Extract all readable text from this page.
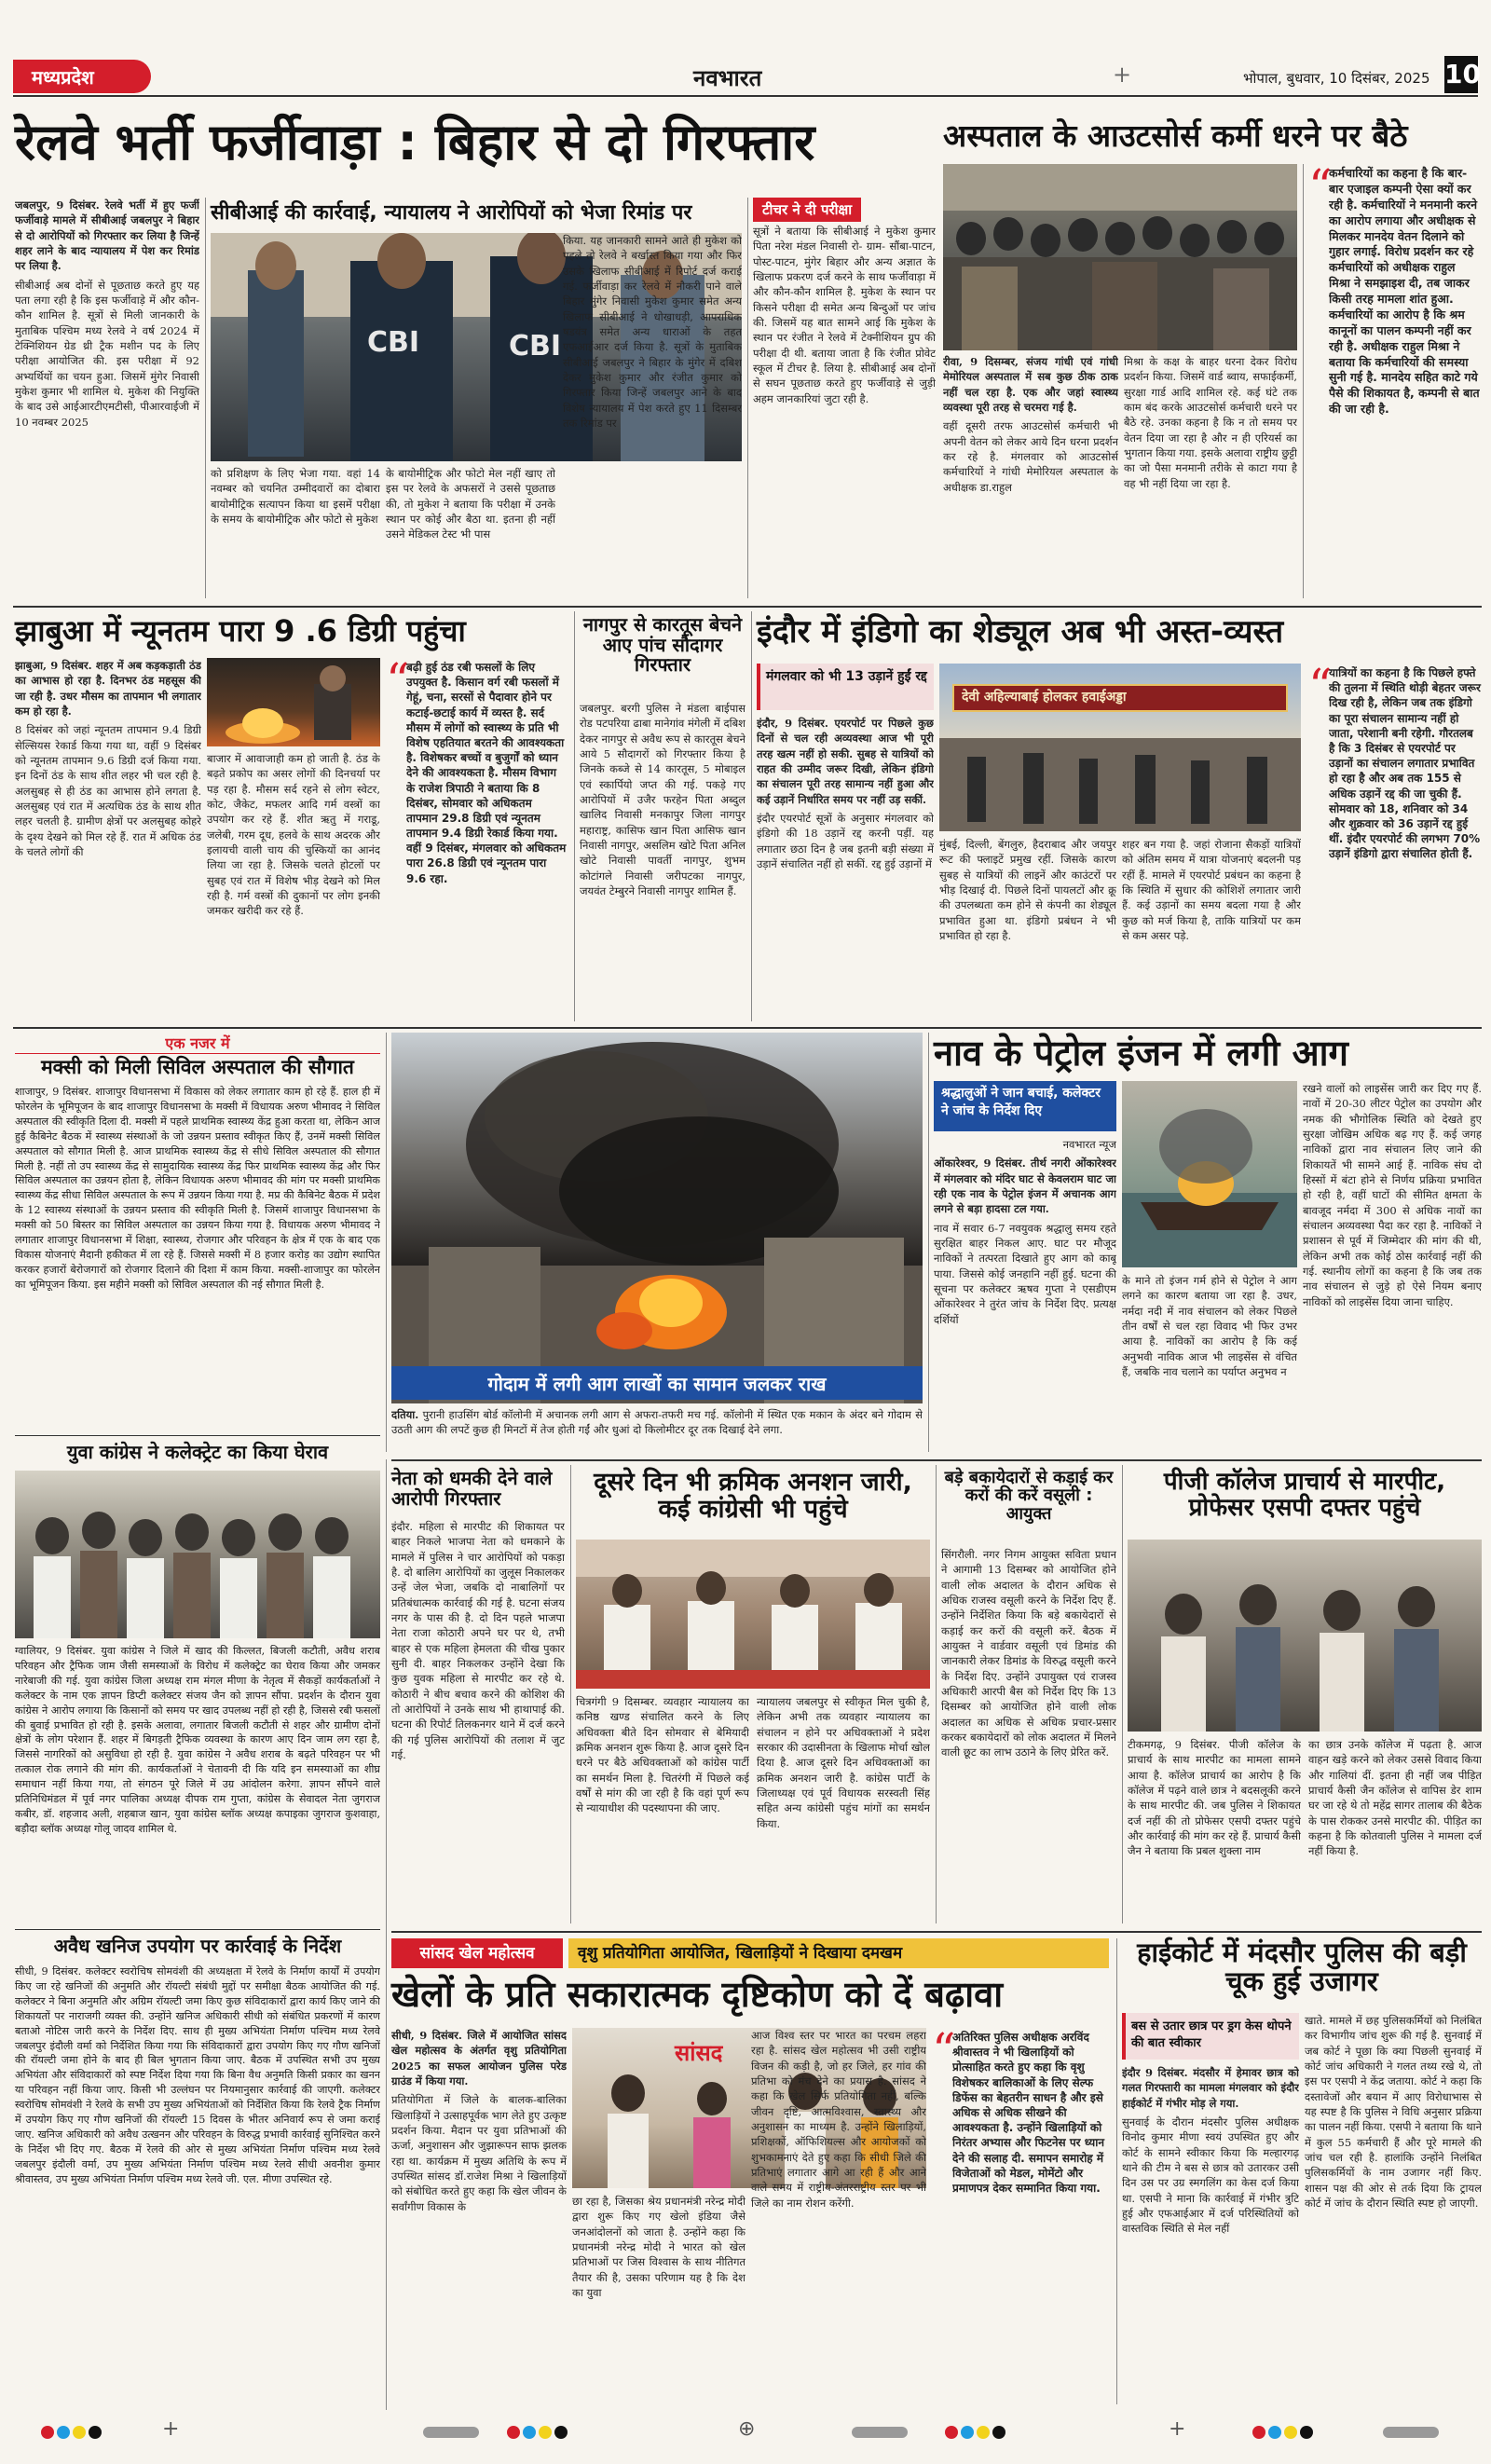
मध्यप्रदेश	नवभारत	+	भोपाल, बुधवार, 10 दिसंबर, 2025 10
रेलवे भर्ती फर्जीवाड़ा : बिहार से दो गिरफ्तार

जबलपुर, 9 दिसंबर. रेलवे भर्ती में हुए फर्जी फर्जीवाड़े मामले में सीबीआई जबलपुर ने बिहार से दो आरोपियों को गिरफ्तार कर लिया है जिन्हें शहर लाने के बाद न्यायालय में पेश कर रिमांड पर लिया है.

सीबीआई अब दोनों से पूछताछ करते हुए यह पता लगा रही है कि इस फर्जीवाड़े में और कौन-कौन शामिल है. सूत्रों से मिली जानकारी के मुताबिक पश्चिम मध्य रेलवे ने वर्ष 2024 में टेक्निशियन ग्रेड थ्री ट्रैक मशीन पद के लिए परीक्षा आयोजित की. इस परीक्षा में 92 अभ्यर्थियों का चयन हुआ. जिसमें मुंगेर निवासी मुकेश कुमार भी शामिल थे. मुकेश की नियुक्ति के बाद उसे आईआरटीएमटीसी, पीआरवाईजी में 10 नवम्बर 2025

सीबीआई की कार्रवाई, न्यायालय ने आरोपियों को भेजा रिमांड पर
CBI	CBI
को प्रशिक्षण के लिए भेजा गया. वहां 14 नवम्बर को चयनित उम्मीदवारों का दोबारा बायोमीट्रिक सत्यापन किया था इसमें परीक्षा के समय के बायोमीट्रिक और फोटो से मुकेश
के बायोमीट्रिक और फोटो मेल नहीं खाए तो इस पर रेलवे के अफसरों ने उससे पूछताछ की, तो मुकेश ने बताया कि परीक्षा में उनके स्थान पर कोई और बैठा था. इतना ही नहीं उसने मेडिकल टेस्ट भी पास

किया. यह जानकारी सामने आते ही मुकेश को पहले तो रेलवे ने बर्खास्त किया गया और फिर उसके खिलाफ सीबीआई में रिपोर्ट दर्ज कराई गई. फर्जीवाड़ा कर रेलवे में नौकरी पाने वाले बिहार मुंगेर निवासी मुकेश कुमार समेत अन्य खिलाफ सीबीआई ने धोखाधड़ी, आपराधिक षडयंत्र समेत अन्य धाराओं के तहत एफआईआर दर्ज किया है. सूत्रों के मुताबिक सीबीआई जबलपुर ने बिहार के मुंगेर में दबिश देकर मुकेश कुमार और रंजीत कुमार को गिरफ्तार किया जिन्हें जबलपुर आने के बाद विशेष न्यायालय में पेश करते हुए 11 दिसम्बर तक रिमांड पर

टीचर ने दी परीक्षा
सूत्रों ने बताया कि सीबीआई ने मुकेश कुमार पिता नरेश मंडल निवासी रो- ग्राम- सौंबा-पाटन, पोस्ट-पाटन, मुंगेर बिहार और अन्य अज्ञात के खिलाफ प्रकरण दर्ज करने के साथ फर्जीवाड़ा में और कौन-कौन शामिल है. मुकेश के स्थान पर किसने परीक्षा दी समेत अन्य बिन्दुओं पर जांच की. जिसमें यह बात सामने आई कि मुकेश के स्थान पर रंजीत ने रेलवे में टेक्नीशियन ग्रुप की परीक्षा दी थी. बताया जाता है कि रंजीत प्रोवेट स्कूल में टीचर है. लिया है. सीबीआई अब दोनों से सघन पूछताछ करते हुए फर्जीवाड़े से जुड़ी अहम जानकारियां जुटा रही है.
अस्पताल के आउटसोर्स कर्मी धरने पर बैठे

रीवा, 9 दिसम्बर, संजय गांधी एवं गांधी मेमोरियल अस्पताल में सब कुछ ठीक ठाक नहीं चल रहा है. एक और जहां स्वास्थ्य व्यवस्था पूरी तरह से चरमरा गई है.

वहीं दूसरी तरफ आउटसोर्स कर्मचारी भी अपनी वेतन को लेकर आये दिन धरना प्रदर्शन कर रहे है. मंगलवार को आउटसोर्स कर्मचारियों ने गांधी मेमोरियल अस्पताल के अधीक्षक डा.राहुल

मिश्रा के कक्ष के बाहर धरना देकर विरोध प्रदर्शन किया. जिसमें वार्ड ब्वाय, सफाईकर्मी, सुरक्षा गार्ड आदि शामिल रहे. कई घंटे तक काम बंद करके आउटसोर्स कर्मचारी धरने पर बैठे रहे. उनका कहना है कि न तो समय पर वेतन दिया जा रहा है और न ही एरियर्स का भुगतान किया गया. इसके अलावा राष्ट्रीय छुट्टी का जो पैसा मनमानी तरीके से काटा गया है वह भी नहीं दिया जा रहा है.
“
कर्मचारियों का कहना है कि बार-बार एजाइल कम्पनी ऐसा क्यों कर रही है. कर्मचारियों ने मनमानी करने का आरोप लगाया और अधीक्षक से मिलकर मानदेय वेतन दिलाने को गुहार लगाई. विरोध प्रदर्शन कर रहे कर्मचारियों को अधीक्षक राहुल मिश्रा ने समझाइश दी, तब जाकर किसी तरह मामला शांत हुआ. कर्मचारियों का आरोप है कि श्रम कानूनों का पालन कम्पनी नहीं कर रही है. अधीक्षक राहुल मिश्रा ने बताया कि कर्मचारियों की समस्या सुनी गई है. मानदेय सहित काटे गये पैसे की शिकायत है, कम्पनी से बात की जा रही है.
झाबुआ में न्यूनतम पारा 9 .6 डिग्री पहुंचा

झाबुआ, 9 दिसंबर. शहर में अब कड़कड़ाती ठंड का आभास हो रहा है. दिनभर ठंड महसूस की जा रही है. उधर मौसम का तापमान भी लगातार कम हो रहा है.

8 दिसंबर को जहां न्यूनतम तापमान 9.4 डिग्री सेल्सियस रेकार्ड किया गया था, वहीं 9 दिसंबर को न्यूनतम तापमान 9.6 डिग्री दर्ज किया गया. इन दिनों ठंड के साथ शीत लहर भी चल रही है. अलसुबह से ही ठंड का आभास होने लगता है. अलसुबह एवं रात में अत्यधिक ठंड के साथ शीत लहर चलती है. ग्रामीण क्षेत्रों पर अलसुबह कोहरे के दृश्य देखने को मिल रहे हैं. रात में अधिक ठंड के चलते लोगों की

बाजार में आवाजाही कम हो जाती है. ठंड के बढ़ते प्रकोप का असर लोगों की दिनचर्या पर पड़ रहा है. मौसम सर्द रहने से लोग स्वेटर, कोट, जैकेट, मफलर आदि गर्म वस्त्रों का उपयोग कर रहे हैं. शीत ऋतु में गराडू, जलेबी, गरम दूध, हलवे के साथ अदरक और इलायची वाली चाय की चुस्कियों का आनंद लिया जा रहा है. जिसके चलते होटलों पर सुबह एवं रात में विशेष भीड़ देखने को मिल रही है. गर्म वस्त्रों की दुकानों पर लोग इनकी जमकर खरीदी कर रहे हैं.
“
बढ़ी हुई ठंड रबी फसलों के लिए उपयुक्त है. किसान वर्ग रबी फसलों में गेहूं, चना, सरसों से पैदावार होने पर कटाई-छटाई कार्य में व्यस्त है. सर्द मौसम में लोगों को स्वास्थ्य के प्रति भी विशेष एहतियात बरतने की आवश्यकता है. विशेषकर बच्चों व बुजुर्गों को ध्यान देने की आवश्यकता है. मौसम विभाग के राजेश त्रिपाठी ने बताया कि 8 दिसंबर, सोमवार को अधिकतम तापमान 29.8 डिग्री एवं न्यूनतम तापमान 9.4 डिग्री रेकार्ड किया गया. वहीं 9 दिसंबर, मंगलवार को अधिकतम पारा 26.8 डिग्री एवं न्यूनतम पारा 9.6 रहा.
नागपुर से कारतूस बेचने आए पांच सौदागर गिरफ्तार
जबलपुर. बरगी पुलिस ने मंडला बाईपास रोड पटपरिया ढाबा मानेगांव मंगेली में दबिश देकर नागपुर से अवैध रूप से कारतूस बेचने आये 5 सौदागरों को गिरफ्तार किया है जिनके कब्जे से 14 कारतूस, 5 मोबाइल एवं स्कार्पियो जप्त की गई. पकड़े गए आरोपियों में उजैर फरहेन पिता अब्दुल खालिद निवासी मनकापुर जिला नागपुर महाराष्ट्र, कासिफ खान पिता आसिफ खान निवासी नागपुर, असलिम खोटे पिता अनिल खोटे निवासी पावर्ती नागपुर, शुभम कोटांगले निवासी जरीपटका नागपुर, जयवंत टेम्बुरने निवासी नागपुर शामिल हैं.
इंदौर में इंडिगो का शेड्यूल अब भी अस्त-व्यस्त
मंगलवार को भी 13 उड़ानें हुईं रद्द

इंदौर, 9 दिसंबर. एयरपोर्ट पर पिछले कुछ दिनों से चल रही अव्यवस्था आज भी पूरी तरह खत्म नहीं हो सकी. सुबह से यात्रियों को राहत की उम्मीद जरूर दिखी, लेकिन इंडिगो का संचालन पूरी तरह सामान्य नहीं हुआ और कई उड़ानें निर्धारित समय पर नहीं उड़ सकीं.

इंदौर एयरपोर्ट सूत्रों के अनुसार मंगलवार को इंडिगो की 18 उड़ानें रद्द करनी पड़ीं. यह लगातार छठा दिन है जब इतनी बड़ी संख्या में उड़ानें संचालित नहीं हो सकीं. रद्द हुई उड़ानों में

देवी अहिल्याबाई होलकर हवाईअड्डा
मुंबई, दिल्ली, बेंगलुरु, हैदराबाद और जयपुर रूट की फ्लाइटें प्रमुख रहीं. जिसके कारण सुबह से यात्रियों की लाइनें और काउंटरों पर भीड़ दिखाई दी. पिछले दिनों पायलटों और क्रू की उपलब्धता कम होने से कंपनी का शेड्यूल प्रभावित हुआ था. इंडिगो प्रबंधन ने भी प्रभावित हो रहा है.
शहर बन गया है. जहां रोजाना सैकड़ों यात्रियों को अंतिम समय में यात्रा योजनाएं बदलनी पड़ रहीं हैं. मामले में एयरपोर्ट प्रबंधन का कहना है कि स्थिति में सुधार की कोशिशें लगातार जारी हैं. कई उड़ानों का समय बदला गया है और कुछ को मर्ज किया है, ताकि यात्रियों पर कम से कम असर पड़े.
“
यात्रियों का कहना है कि पिछले हफ्ते की तुलना में स्थिति थोड़ी बेहतर जरूर दिख रही है, लेकिन जब तक इंडिगो का पूरा संचालन सामान्य नहीं हो जाता, परेशानी बनी रहेगी. गौरतलब है कि 3 दिसंबर से एयरपोर्ट पर उड़ानों का संचालन लगातार प्रभावित हो रहा है और अब तक 155 से अधिक उड़ानें रद्द की जा चुकी हैं. सोमवार को 18, शनिवार को 34 और शुक्रवार को 36 उड़ानें रद्द हुई थीं. इंदौर एयरपोर्ट की लगभग 70% उड़ानें इंडिगो द्वारा संचालित होती हैं.
एक नजर में
मक्सी को मिली सिविल अस्पताल की सौगात
शाजापुर, 9 दिसंबर. शाजापुर विधानसभा में विकास को लेकर लगातार काम हो रहे हैं. हाल ही में फोरलेन के भूमिपूजन के बाद शाजापुर विधानसभा के मक्सी में विधायक अरुण भीमावद ने सिविल अस्पताल की स्वीकृति दिला दी. मक्सी में पहले प्राथमिक स्वास्थ्य केंद्र हुआ करता था, लेकिन आज हुई कैबिनेट बैठक में स्वास्थ्य संस्थाओं के जो उन्नयन प्रस्ताव स्वीकृत किए हैं, उनमें मक्सी सिविल अस्पताल को सौगात मिली है. आज प्राथमिक स्वास्थ्य केंद्र से सीधे सिविल अस्पताल की सौगात मिली है. नहीं तो उप स्वास्थ्य केंद्र से सामुदायिक स्वास्थ्य केंद्र फिर प्राथमिक स्वास्थ्य केंद्र और फिर सिविल अस्पताल का उन्नयन होता है, लेकिन विधायक अरुण भीमावद की मांग पर मक्सी प्राथमिक स्वास्थ्य केंद्र सीधा सिविल अस्पताल के रूप में उन्नयन किया गया है. मप्र की कैबिनेट बैठक में प्रदेश के 12 स्वास्थ्य संस्थाओं के उन्नयन प्रस्ताव की स्वीकृति मिली है. जिसमें शाजापुर विधानसभा के मक्सी को 50 बिस्तर का सिविल अस्पताल का उन्नयन किया गया है. विधायक अरुण भीमावद ने लगातार शाजापुर विधानसभा में शिक्षा, स्वास्थ्य, रोजगार और परिवहन के क्षेत्र में एक के बाद एक विकास योजनाएं मैदानी हकीकत में ला रहे हैं. जिससे मक्सी में 8 हजार करोड़ का उद्योग स्थापित करकर हजारों बेरोजगारों को रोजगार दिलाने की दिशा में काम किया. मक्सी-शाजापुर का फोरलेन का भूमिपूजन किया. इस महीने मक्सी को सिविल अस्पताल की नई सौगात मिली है.
गोदाम में लगी आग लाखों का सामान जलकर राख
दतिया. पुरानी हाउसिंग बोर्ड कॉलोनी में अचानक लगी आग से अफरा-तफरी मच गई. कॉलोनी में स्थित एक मकान के अंदर बने गोदाम से उठती आग की लपटें कुछ ही मिनटों में तेज होती गईं और धुआं दो किलोमीटर दूर तक दिखाई देने लगा.
नाव के पेट्रोल इंजन में लगी आग
श्रद्धालुओं ने जान बचाई, कलेक्टर ने जांच के निर्देश दिए

नवभारत न्यूज

ओंकारेश्वर, 9 दिसंबर. तीर्थ नगरी ओंकारेश्वर में मंगलवार को मंदिर घाट से केवलराम घाट जा रही एक नाव के पेट्रोल इंजन में अचानक आग लगने से बड़ा हादसा टल गया.

नाव में सवार 6-7 नवयुवक श्रद्धालु समय रहते सुरक्षित बाहर निकल आए. घाट पर मौजूद नाविकों ने तत्परता दिखाते हुए आग को काबू पाया. जिससे कोई जनहानि नहीं हुई. घटना की सूचना पर कलेक्टर ऋषव गुप्ता ने एसडीएम ओंकारेश्वर ने तुरंत जांच के निर्देश दिए. प्रत्यक्ष दर्शियों

के माने तो इंजन गर्म होने से पेट्रोल ने आग लगने का कारण बताया जा रहा है. उधर, नर्मदा नदी में नाव संचालन को लेकर पिछले तीन वर्षों से चल रहा विवाद भी फिर उभर आया है. नाविकों का आरोप है कि कई अनुभवी नाविक आज भी लाइसेंस से वंचित हैं, जबकि नाव चलाने का पर्याप्त अनुभव न
रखने वालों को लाइसेंस जारी कर दिए गए हैं. नावों में 20-30 लीटर पेट्रोल का उपयोग और नमक की भौगोलिक स्थिति को देखते हुए सुरक्षा जोखिम अधिक बढ़ गए हैं. कई जगह नाविकों द्वारा नाव संचालन लिए जाने की शिकायतें भी सामने आई हैं. नाविक संघ दो हिस्सों में बंटा होने से निर्णय प्रक्रिया प्रभावित हो रही है, वहीं घाटों की सीमित क्षमता के बावजूद नर्मदा में 300 से अधिक नावों का संचालन अव्यवस्था पैदा कर रहा है. नाविकों ने प्रशासन से पूर्व में जिम्मेदार की मांग की थी, लेकिन अभी तक कोई ठोस कार्रवाई नहीं की गई. स्थानीय लोगों का कहना है कि जब तक नाव संचालन से जुड़े हो ऐसे नियम बनाए नाविकों को लाइसेंस दिया जाना चाहिए.
युवा कांग्रेस ने कलेक्ट्रेट का किया घेराव
ग्वालियर, 9 दिसंबर. युवा कांग्रेस ने जिले में खाद की किल्लत, बिजली कटौती, अवैध शराब परिवहन और ट्रैफिक जाम जैसी समस्याओं के विरोध में कलेक्ट्रेट का घेराव किया और जमकर नारेबाजी की गई. युवा कांग्रेस जिला अध्यक्ष राम मंगल मीणा के नेतृत्व में सैकड़ों कार्यकर्ताओं ने कलेक्टर के नाम एक ज्ञापन डिप्टी कलेक्टर संजय जैन को ज्ञापन सौंपा. प्रदर्शन के दौरान युवा कांग्रेस ने आरोप लगाया कि किसानों को समय पर खाद उपलब्ध नहीं हो रही है, जिससे रबी फसलों की बुवाई प्रभावित हो रही है. इसके अलावा, लगातार बिजली कटौती से शहर और ग्रामीण दोनों क्षेत्रों के लोग परेशान हैं. शहर में बिगड़ती ट्रैफिक व्यवस्था के कारण आए दिन जाम लग रहा है, जिससे नागरिकों को असुविधा हो रही है. युवा कांग्रेस ने अवैध शराब के बढ़ते परिवहन पर भी तत्काल रोक लगाने की मांग की. कार्यकर्ताओं ने चेतावनी दी कि यदि इन समस्याओं का शीघ्र समाधान नहीं किया गया, तो संगठन पूरे जिले में उग्र आंदोलन करेगा. ज्ञापन सौंपने वाले प्रतिनिधिमंडल में पूर्व नगर पालिका अध्यक्ष दीपक राम गुप्ता, कांग्रेस के सेवादल नेता जुगराज कबीर, डॉ. शहजाद अली, शहबाज खान, युवा कांग्रेस ब्लॉक अध्यक्ष कपाइका जुगराज कुशवाहा, बड़ौदा ब्लॉक अध्यक्ष गोलू जादव शामिल थे.
अवैध खनिज उपयोग पर कार्रवाई के निर्देश
सीधी, 9 दिसंबर. कलेक्टर स्वरोचिष सोमवंशी की अध्यक्षता में रेलवे के निर्माण कार्यों में उपयोग किए जा रहे खनिजों की अनुमति और रॉयल्टी संबंधी मुद्दों पर समीक्षा बैठक आयोजित की गई. कलेक्टर ने बिना अनुमति और अग्रिम रॉयल्टी जमा किए कुछ संविदाकारों द्वारा कार्य किए जाने की शिकायतों पर नाराजगी व्यक्त की. उन्होंने खनिज अधिकारी सीधी को संबंधित प्रकरणों में कारण बताओ नोटिस जारी करने के निर्देश दिए. साथ ही मुख्य अभियंता निर्माण पश्चिम मध्य रेलवे जबलपुर इंदौली वर्मा को निर्देशित किया गया कि संविदाकारों द्वारा उपयोग किए गए गौण खनिजों की रॉयल्टी जमा होने के बाद ही बिल भुगतान किया जाए. बैठक में उपस्थित सभी उप मुख्य अभियंता और संविदाकारों को स्पष्ट निर्देश दिया गया कि बिना वैध अनुमति किसी प्रकार का खनन या परिवहन नहीं किया जाए. किसी भी उल्लंघन पर नियमानुसार कार्रवाई की जाएगी. कलेक्टर स्वरोचिष सोमवंशी ने रेलवे के सभी उप मुख्य अभियंताओं को निर्देशित किया कि रेलवे ट्रैक निर्माण में उपयोग किए गए गौण खनिजों की रॉयल्टी 15 दिवस के भीतर अनिवार्य रूप से जमा कराई जाए. खनिज अधिकारी को अवैध उत्खनन और परिवहन के विरुद्ध प्रभावी कार्रवाई सुनिश्चित करने के निर्देश भी दिए गए. बैठक में रेलवे की ओर से मुख्य अभियंता निर्माण पश्चिम मध्य रेलवे जबलपुर इंदौली वर्मा, उप मुख्य अभियंता निर्माण पश्चिम मध्य रेलवे सीधी अवनीश कुमार श्रीवास्तव, उप मुख्य अभियंता निर्माण पश्चिम मध्य रेलवे जी. एल. मीणा उपस्थित रहे.
नेता को धमकी देने वाले आरोपी गिरफ्तार
इंदौर. महिला से मारपीट की शिकायत पर बाहर निकले भाजपा नेता को धमकाने के मामले में पुलिस ने चार आरोपियों को पकड़ा है. दो बालिग आरोपियों का जुलूस निकालकर उन्हें जेल भेजा, जबकि दो नाबालिगों पर प्रतिबंधात्मक कार्रवाई की गई है. घटना संजय नगर के पास की है. दो दिन पहले भाजपा नेता राजा कोठारी अपने घर पर थे, तभी बाहर से एक महिला हेमलता की चीख पुकार सुनी दी. बाहर निकलकर उन्होंने देखा कि कुछ युवक महिला से मारपीट कर रहे थे. कोठारी ने बीच बचाव करने की कोशिश की तो आरोपियों ने उनके साथ भी हाथापाई की. घटना की रिपोर्ट तिलकनगर थाने में दर्ज करने की गई पुलिस आरोपियों की तलाश में जुट गई.
दूसरे दिन भी क्रमिक अनशन जारी, कई कांग्रेसी भी पहुंचे
चित्रगंगी 9 दिसम्बर. व्यवहार न्यायालय का कनिष्ठ खण्ड संचालित करने के लिए अधिवक्ता बीते दिन सोमवार से बेमियादी क्रमिक अनशन शुरू किया है. आज दूसरे दिन धरने पर बैठे अधिवक्ताओं को कांग्रेस पार्टी का समर्थन मिला है. चितरंगी में पिछले कई वर्षों से मांग की जा रही है कि वहां पूर्ण रूप से न्यायाधीश की पदस्थापना की जाए.
न्यायालय जबलपुर से स्वीकृत मिल चुकी है, लेकिन अभी तक व्यवहार न्यायालय का संचालन न होने पर अधिवक्ताओं ने प्रदेश सरकार की उदासीनता के खिलाफ मोर्चा खोल दिया है. आज दूसरे दिन अधिवक्ताओं का क्रमिक अनशन जारी है. कांग्रेस पार्टी के जिलाध्यक्ष एवं पूर्व विधायक सरस्वती सिंह सहित अन्य कांग्रेसी पहुंच मांगों का समर्थन किया.
बड़े बकायेदारों से कड़ाई कर करों की करें वसूली : आयुक्त
सिंगरौली. नगर निगम आयुक्त सविता प्रधान ने आगामी 13 दिसम्बर को आयोजित होने वाली लोक अदालत के दौरान अधिक से अधिक राजस्व वसूली करने के निर्देश दिए हैं. उन्होंने निर्देशित किया कि बड़े बकायेदारों से कड़ाई कर करों की वसूली करें. बैठक में आयुक्त ने वार्डवार वसूली एवं डिमांड की जानकारी लेकर डिमांड के विरुद्ध वसूली करने के निर्देश दिए. उन्होंने उपायुक्त एवं राजस्व अधिकारी आरपी बैस को निर्देश दिए कि 13 दिसम्बर को आयोजित होने वाली लोक अदालत का अधिक से अधिक प्रचार-प्रसार करकर बकायेदारों को लोक अदालत में मिलने वाली छूट का लाभ उठाने के लिए प्रेरित करें.
पीजी कॉलेज प्राचार्य से मारपीट, प्रोफेसर एसपी दफ्तर पहुंचे
टीकमगढ़, 9 दिसंबर. पीजी कॉलेज के प्राचार्य के साथ मारपीट का मामला सामने आया है. कॉलेज प्राचार्य का आरोप है कि कॉलेज में पढ़ने वाले छात्र ने बदसलूकी करने के साथ मारपीट की. जब पुलिस ने शिकायत दर्ज नहीं की तो प्रोफेसर एसपी दफ्तर पहुंचे और कार्रवाई की मांग कर रहे हैं. प्राचार्य कैसी जैन ने बताया कि प्रबल शुक्ला नाम
का छात्र उनके कॉलेज में पढ़ता है. आज वाहन खड़े करने को लेकर उससे विवाद किया और गालियां दीं. इतना ही नहीं जब पीड़ित प्राचार्य कैसी जैन कॉलेज से वापिस डेर शाम घर जा रहे थे तो महेंद्र सागर तालाब की बैठेक के पास रोककर उनसे मारपीट की. पीड़ित का कहना है कि कोतवाली पुलिस ने मामला दर्ज नहीं किया है.
सांसद खेल महोत्सव	वृशु प्रतियोगिता आयोजित, खिलाड़ियों ने दिखाया दमखम
खेलों के प्रति सकारात्मक दृष्टिकोण को दें बढ़ावा

सीधी, 9 दिसंबर. जिले में आयोजित सांसद खेल महोत्सव के अंतर्गत वृशु प्रतियोगिता 2025 का सफल आयोजन पुलिस परेड ग्राउंड में किया गया.

प्रतियोगिता में जिले के बालक-बालिका खिलाड़ियों ने उत्साहपूर्वक भाग लेते हुए उत्कृष्ट प्रदर्शन किया. मैदान पर युवा प्रतिभाओं की ऊर्जा, अनुशासन और जुझारूपन साफ झलक रहा था. कार्यक्रम में मुख्य अतिथि के रूप में उपस्थित सांसद डॉ.राजेश मिश्रा ने खिलाड़ियों को संबोधित करते हुए कहा कि खेल जीवन के सर्वांगीण विकास के

सांसद
छा रहा है, जिसका श्रेय प्रधानमंत्री नरेन्द्र मोदी द्वारा शुरू किए गए खेलो इंडिया जैसे जनआंदोलनों को जाता है. उन्होंने कहा कि प्रधानमंत्री नरेन्द्र मोदी ने भारत को खेल प्रतिभाओं पर जिस विश्वास के साथ नीतिगत तैयार की है, उसका परिणाम यह है कि देश का युवा
आज विश्व स्तर पर भारत का परचम लहरा रहा है. सांसद खेल महोत्सव भी उसी राष्ट्रीय विजन की कड़ी है, जो हर जिले, हर गांव की प्रतिभा को मंच देने का प्रयास है. सांसद ने कहा कि खेल सिर्फ प्रतियोगिता नहीं, बल्कि जीवन दृष्टि, आत्मविश्वास, स्वास्थ्य और अनुशासन का माध्यम है. उन्होंने खिलाड़ियों, प्रशिक्षकों, ऑफिशियल्स और आयोजकों को शुभकामनाएं देते हुए कहा कि सीधी जिले की प्रतिभाएं लगातार आगे आ रही हैं और आने वाले समय में राष्ट्रीय-अंतरराष्ट्रीय स्तर पर भी जिले का नाम रोशन करेंगी.
“
अतिरिक्त पुलिस अधीक्षक अरविंद श्रीवास्तव ने भी खिलाड़ियों को प्रोत्साहित करते हुए कहा कि वृशु विशेषकर बालिकाओं के लिए सेल्फ डिफेंस का बेहतरीन साधन है और इसे अधिक से अधिक सीखने की आवश्यकता है. उन्होंने खिलाड़ियों को निरंतर अभ्यास और फिटनेस पर ध्यान देने की सलाह दी. समापन समारोह में विजेताओं को मेडल, मोमेंटो और प्रमाणपत्र देकर सम्मानित किया गया.
हाईकोर्ट में मंदसौर पुलिस की बड़ी चूक हुई उजागर
बस से उतार छात्र पर ड्रग केस थोपने की बात स्वीकार

इंदौर 9 दिसंबर. मंदसौर में हेमावर छात्र को गलत गिरफ्तारी का मामला मंगलवार को इंदौर हाईकोर्ट में गंभीर मोड़ ले गया.

सुनवाई के दौरान मंदसौर पुलिस अधीक्षक विनोद कुमार मीणा स्वयं उपस्थित हुए और कोर्ट के सामने स्वीकार किया कि मल्हारगढ़ थाने की टीम ने बस से छात्र को उतारकर उसी दिन उस पर उग्र स्मगलिंग का केस दर्ज किया था. एसपी ने माना कि कार्रवाई में गंभीर त्रुटि हुई और एफआईआर में दर्ज परिस्थितियों को वास्तविक स्थिति से मेल नहीं

खाते. मामले में छह पुलिसकर्मियों को निलंबित कर विभागीय जांच शुरू की गई है. सुनवाई में जब कोर्ट ने पूछा कि क्या पिछली सुनवाई में कोर्ट जांच अधिकारी ने गलत तथ्य रखे थे, तो इस पर एसपी ने केंद्र जताया. कोर्ट ने कहा कि दस्तावेजों और बयान में आए विरोधाभास से यह स्पष्ट है कि पुलिस ने विधि अनुसार प्रक्रिया का पालन नहीं किया. एसपी ने बताया कि थाने में कुल 55 कर्मचारी हैं और पूरे मामले की जांच चल रही है. हालांकि उन्होंने निलंबित पुलिसकर्मियों के नाम उजागर नहीं किए. शासन पक्ष की ओर से तर्क दिया कि ट्रायल कोर्ट में जांच के दौरान स्थिति स्पष्ट हो जाएगी.
+	⊕	+
